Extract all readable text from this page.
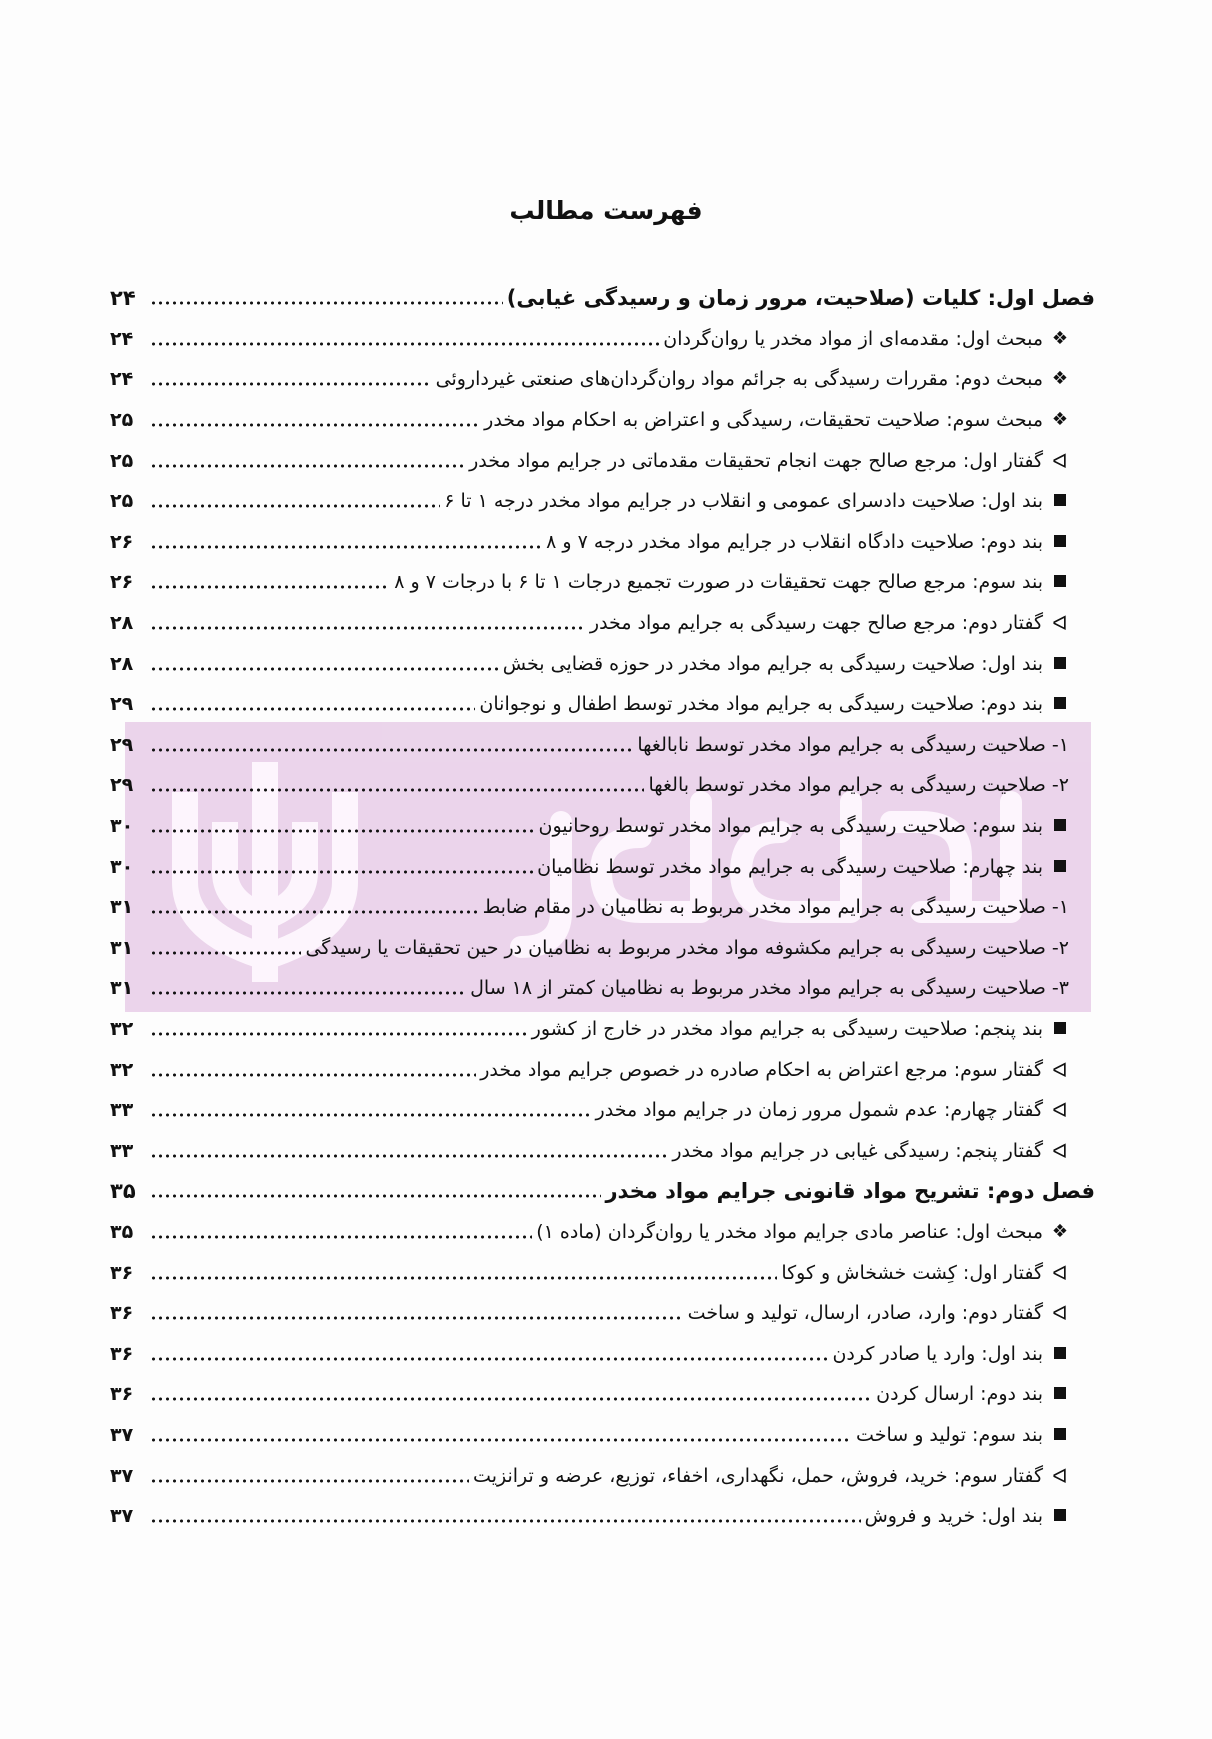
فهرست مطالب
فصل اول: کلیات (صلاحیت، مرور زمان و رسیدگی غیابی)
۲۴
❖
مبحث اول: مقدمه‌ای از مواد مخدر یا روان‌گردان
۲۴
❖
مبحث دوم: مقررات رسیدگی به جرائم مواد روان‌گردان‌های صنعتی غیرداروئی
۲۴
❖
مبحث سوم: صلاحیت تحقیقات، رسیدگی و اعتراض به احکام مواد مخدر
۲۵
ᐊ
گفتار اول: مرجع صالح جهت انجام تحقیقات مقدماتی در جرایم مواد مخدر
۲۵
بند اول: صلاحیت دادسرای عمومی و انقلاب در جرایم مواد مخدر درجه ۱ تا ۶
۲۵
بند دوم: صلاحیت دادگاه انقلاب در جرایم مواد مخدر درجه ۷ و ۸
۲۶
بند سوم: مرجع صالح جهت تحقیقات در صورت تجمیع درجات ۱ تا ۶ با درجات ۷ و ۸
۲۶
ᐊ
گفتار دوم: مرجع صالح جهت رسیدگی به جرایم مواد مخدر
۲۸
بند اول: صلاحیت رسیدگی به جرایم مواد مخدر در حوزه قضایی بخش
۲۸
بند دوم: صلاحیت رسیدگی به جرایم مواد مخدر توسط اطفال و نوجوانان
۲۹
۱- صلاحیت رسیدگی به جرایم مواد مخدر توسط نابالغها
۲۹
۲- صلاحیت رسیدگی به جرایم مواد مخدر توسط بالغها
۲۹
بند سوم: صلاحیت رسیدگی به جرایم مواد مخدر توسط روحانیون
۳۰
بند چهارم: صلاحیت رسیدگی به جرایم مواد مخدر توسط نظامیان
۳۰
۱- صلاحیت رسیدگی به جرایم مواد مخدر مربوط به نظامیان در مقام ضابط
۳۱
۲- صلاحیت رسیدگی به جرایم مکشوفه مواد مخدر مربوط به نظامیان در حین تحقیقات یا رسیدگی
۳۱
۳- صلاحیت رسیدگی به جرایم مواد مخدر مربوط به نظامیان کمتر از ۱۸ سال
۳۱
بند پنجم: صلاحیت رسیدگی به جرایم مواد مخدر در خارج از کشور
۳۲
ᐊ
گفتار سوم: مرجع اعتراض به احکام صادره در خصوص جرایم مواد مخدر
۳۲
ᐊ
گفتار چهارم: عدم شمول مرور زمان در جرایم مواد مخدر
۳۳
ᐊ
گفتار پنجم: رسیدگی غیابی در جرایم مواد مخدر
۳۳
فصل دوم: تشریح مواد قانونی جرایم مواد مخدر
۳۵
❖
مبحث اول: عناصر مادی جرایم مواد مخدر یا روان‌گردان (ماده ۱)
۳۵
ᐊ
گفتار اول: کِشت خشخاش و کوکا
۳۶
ᐊ
گفتار دوم: وارد، صادر، ارسال، تولید و ساخت
۳۶
بند اول: وارد یا صادر کردن
۳۶
بند دوم: ارسال کردن
۳۶
بند سوم: تولید و ساخت
۳۷
ᐊ
گفتار سوم: خرید، فروش، حمل، نگهداری، اخفاء، توزیع، عرضه و ترانزیت
۳۷
بند اول: خرید و فروش
۳۷
